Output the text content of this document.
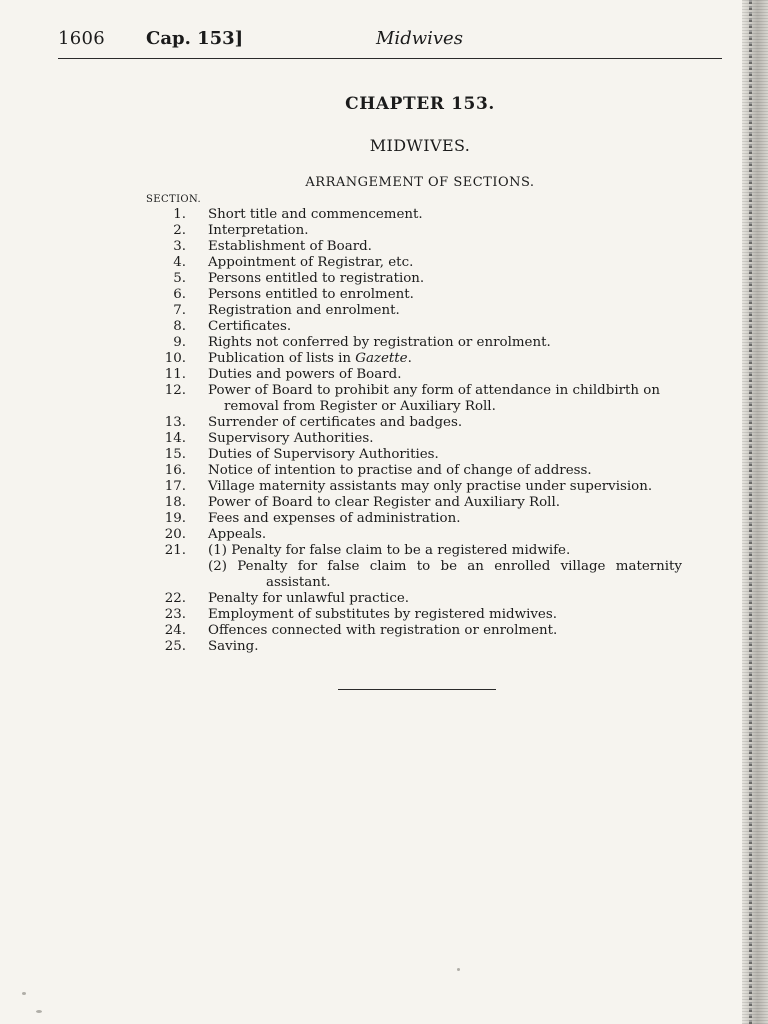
1606 Cap. 153]	Midwives
CHAPTER 153.
MIDWIVES.
ARRANGEMENT OF SECTIONS.
SECTION.
1. Short title and commencement.
2. Interpretation.
3. Establishment of Board.
4. Appointment of Registrar, etc.
5. Persons entitled to registration.
6. Persons entitled to enrolment.
7. Registration and enrolment.
8. Certificates.
9. Rights not conferred by registration or enrolment.
10. Publication of lists in Gazette.
11. Duties and powers of Board.
12. Power of Board to prohibit any form of attendance in childbirth on
removal from Register or Auxiliary Roll.
13. Surrender of certificates and badges.
14. Supervisory Authorities.
15. Duties of Supervisory Authorities.
16. Notice of intention to practise and of change of address.
17. Village maternity assistants may only practise under supervision.
18. Power of Board to clear Register and Auxiliary Roll.
19. Fees and expenses of administration.
20. Appeals.
21. (1) Penalty for false claim to be a registered midwife.
(2) Penalty for false claim to be an enrolled village maternity
assistant.
22. Penalty for unlawful practice.
23. Employment of substitutes by registered midwives.
24. Offences connected with registration or enrolment.
25. Saving.
